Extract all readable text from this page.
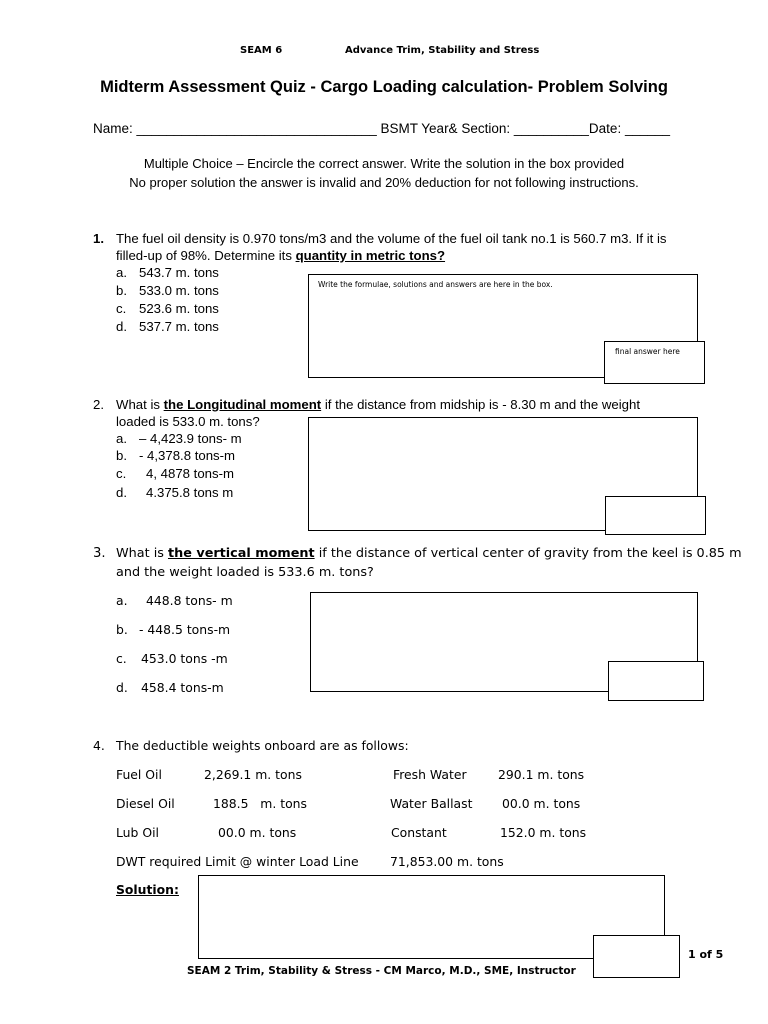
SEAM 6	Advance Trim, Stability and Stress
Midterm Assessment Quiz - Cargo Loading calculation- Problem Solving
Name: ________________________________ BSMT Year& Section: __________Date: ______
Multiple Choice – Encircle the correct answer. Write the solution in the box provided
No proper solution the answer is invalid and 20% deduction for not following instructions.
1. The fuel oil density is 0.970 tons/m3 and the volume of the fuel oil tank no.1 is 560.7 m3. If it is
filled-up of 98%. Determine its quantity in metric tons?
a. 543.7 m. tons
b. 533.0 m. tons
c. 523.6 m. tons
d. 537.7 m. tons
Write the formulae, solutions and answers are here in the box.
final answer here
2. What is the Longitudinal moment if the distance from midship is - 8.30 m and the weight
loaded is 533.0 m. tons?
a. – 4,423.9 tons- m
b. - 4,378.8 tons-m
c. 4, 4878 tons-m
d. 4.375.8 tons m
3. What is the vertical moment if the distance of vertical center of gravity from the keel is 0.85 m
and the weight loaded is 533.6 m. tons?
a. 448.8 tons- m
b. - 448.5 tons-m
c. 453.0 tons -m
d. 458.4 tons-m
4. The deductible weights onboard are as follows:
Fuel Oil	2,269.1 m. tons	Fresh Water	290.1 m. tons
Diesel Oil	188.5   m. tons	Water Ballast 00.0 m. tons
Lub Oil	00.0 m. tons	Constant	152.0 m. tons
DWT required Limit @ winter Load Line	71,853.00 m. tons
Solution:
1 of 5
SEAM 2 Trim, Stability & Stress - CM Marco, M.D., SME, Instructor
